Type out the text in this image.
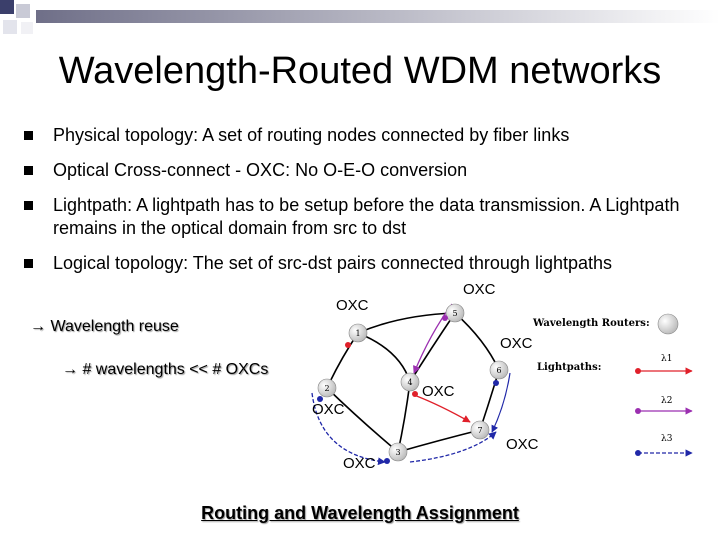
Wavelength-Routed WDM networks
Physical topology: A set of routing nodes connected by fiber links
Optical Cross-connect - OXC: No O-E-O conversion
Lightpath: A lightpath has to be setup before the data transmission. A Lightpath remains in the optical domain from src to dst
Logical topology: The set of src-dst pairs connected through lightpaths
→ Wavelength reuse
→ # wavelengths << # OXCs
1
2
3
4
5
6
7
OXC
OXC
OXC
OXC
OXC
OXC
OXC
Wavelength Routers:
Lightpaths:
λ1
λ2
λ3
Routing and Wavelength Assignment
